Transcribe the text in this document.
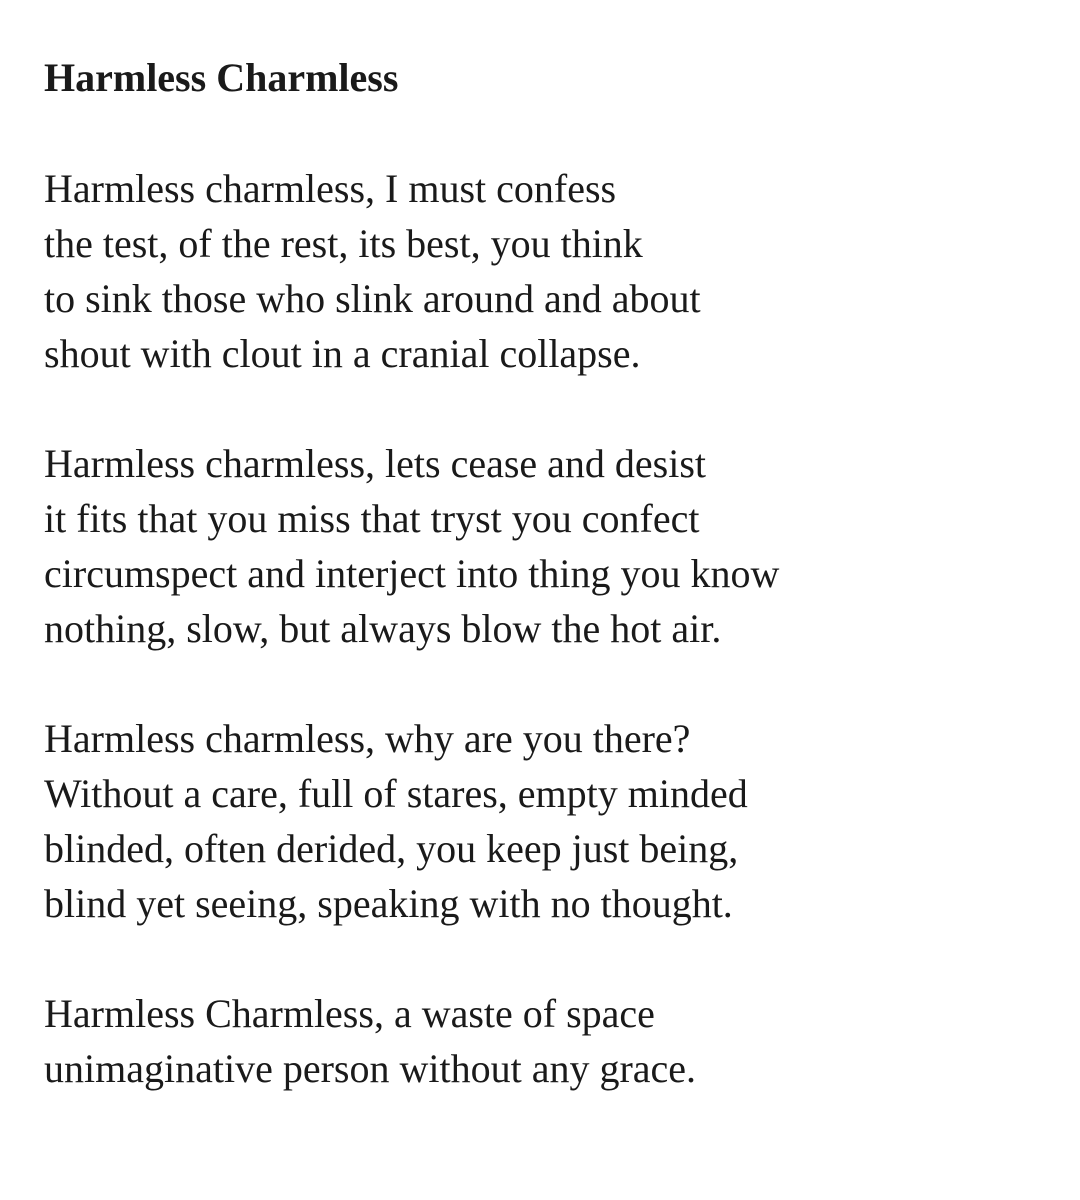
Harmless Charmless
Harmless charmless, I must confess
the test, of the rest, its best, you think
to sink those who slink around and about
shout with clout in a cranial collapse.
Harmless charmless, lets cease and desist
it fits that you miss that tryst you confect
circumspect and interject into thing you know
nothing, slow, but always blow the hot air.
Harmless charmless, why are you there?
Without a care, full of stares, empty minded
blinded, often derided, you keep just being,
blind yet seeing, speaking with no thought.
Harmless Charmless, a waste of space
unimaginative person without any grace.
